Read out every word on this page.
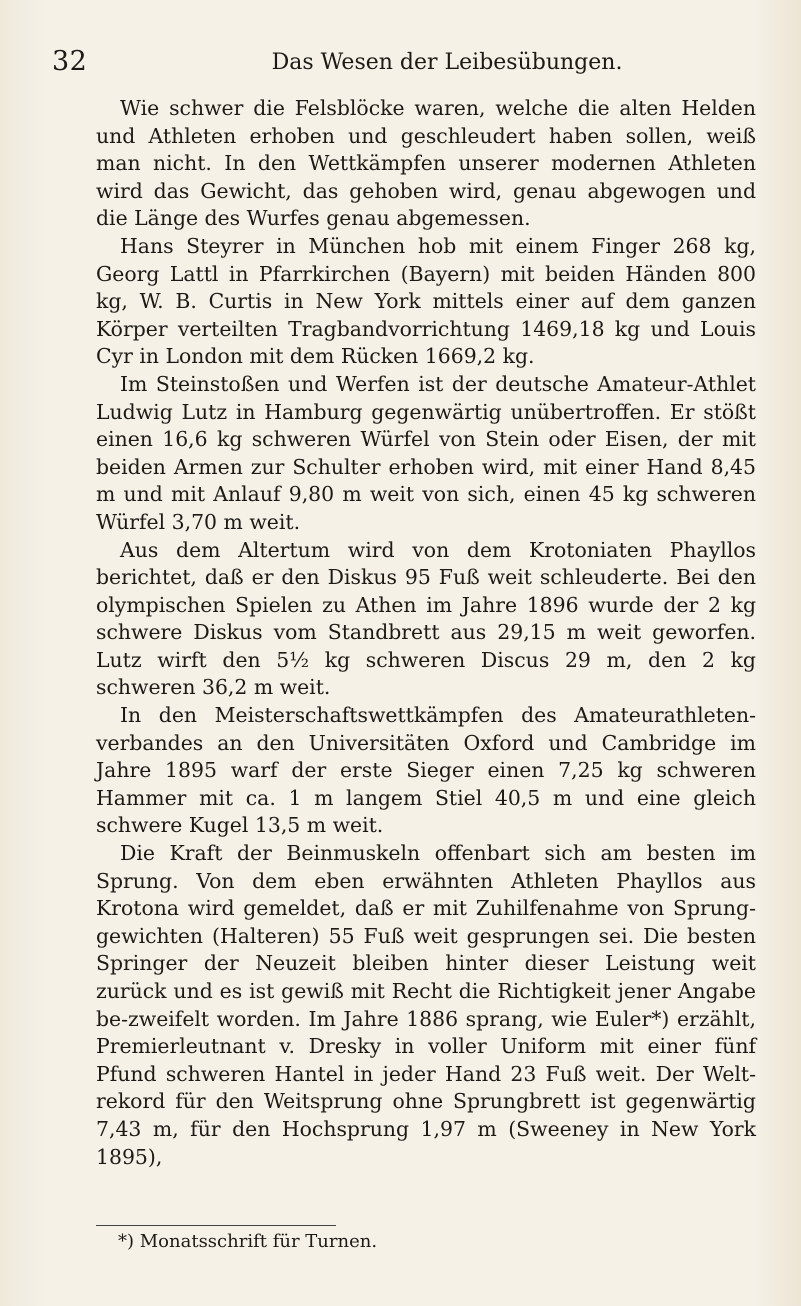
32	Das Wesen der Leibesübungen.

Wie schwer die Felsblöcke waren, welche die alten Helden und Athleten erhoben und geschleudert haben sollen, weiß man nicht. In den Wettkämpfen unserer modernen Athleten wird das Gewicht, das gehoben wird, genau abgewogen und die Länge des Wurfes genau abgemessen.

Hans Steyrer in München hob mit einem Finger 268 kg, Georg Lattl in Pfarrkirchen (Bayern) mit beiden Händen 800 kg, W. B. Curtis in New York mittels einer auf dem ganzen Körper verteilten Tragbandvorrichtung 1469,18 kg und Louis Cyr in London mit dem Rücken 1669,2 kg.

Im Steinstoßen und Werfen ist der deutsche Amateur-Athlet Ludwig Lutz in Hamburg gegenwärtig unübertroffen. Er stößt einen 16,6 kg schweren Würfel von Stein oder Eisen, der mit beiden Armen zur Schulter erhoben wird, mit einer Hand 8,45 m und mit Anlauf 9,80 m weit von sich, einen 45 kg schweren Würfel 3,70 m weit.

Aus dem Altertum wird von dem Krotoniaten Phayllos berichtet, daß er den Diskus 95 Fuß weit schleuderte. Bei den olympischen Spielen zu Athen im Jahre 1896 wurde der 2 kg schwere Diskus vom Standbrett aus 29,15 m weit geworfen. Lutz wirft den 5½ kg schweren Discus 29 m, den 2 kg schweren 36,2 m weit.

In den Meisterschaftswettkämpfen des Amateurathleten-verbandes an den Universitäten Oxford und Cambridge im Jahre 1895 warf der erste Sieger einen 7,25 kg schweren Hammer mit ca. 1 m langem Stiel 40,5 m und eine gleich schwere Kugel 13,5 m weit.

Die Kraft der Beinmuskeln offenbart sich am besten im Sprung. Von dem eben erwähnten Athleten Phayllos aus Krotona wird gemeldet, daß er mit Zuhilfenahme von Sprung-gewichten (Halteren) 55 Fuß weit gesprungen sei. Die besten Springer der Neuzeit bleiben hinter dieser Leistung weit zurück und es ist gewiß mit Recht die Richtigkeit jener Angabe be-zweifelt worden. Im Jahre 1886 sprang, wie Euler*) erzählt, Premierleutnant v. Dresky in voller Uniform mit einer fünf Pfund schweren Hantel in jeder Hand 23 Fuß weit. Der Welt-rekord für den Weitsprung ohne Sprungbrett ist gegenwärtig 7,43 m, für den Hochsprung 1,97 m (Sweeney in New York 1895),

*) Monatsschrift für Turnen.
